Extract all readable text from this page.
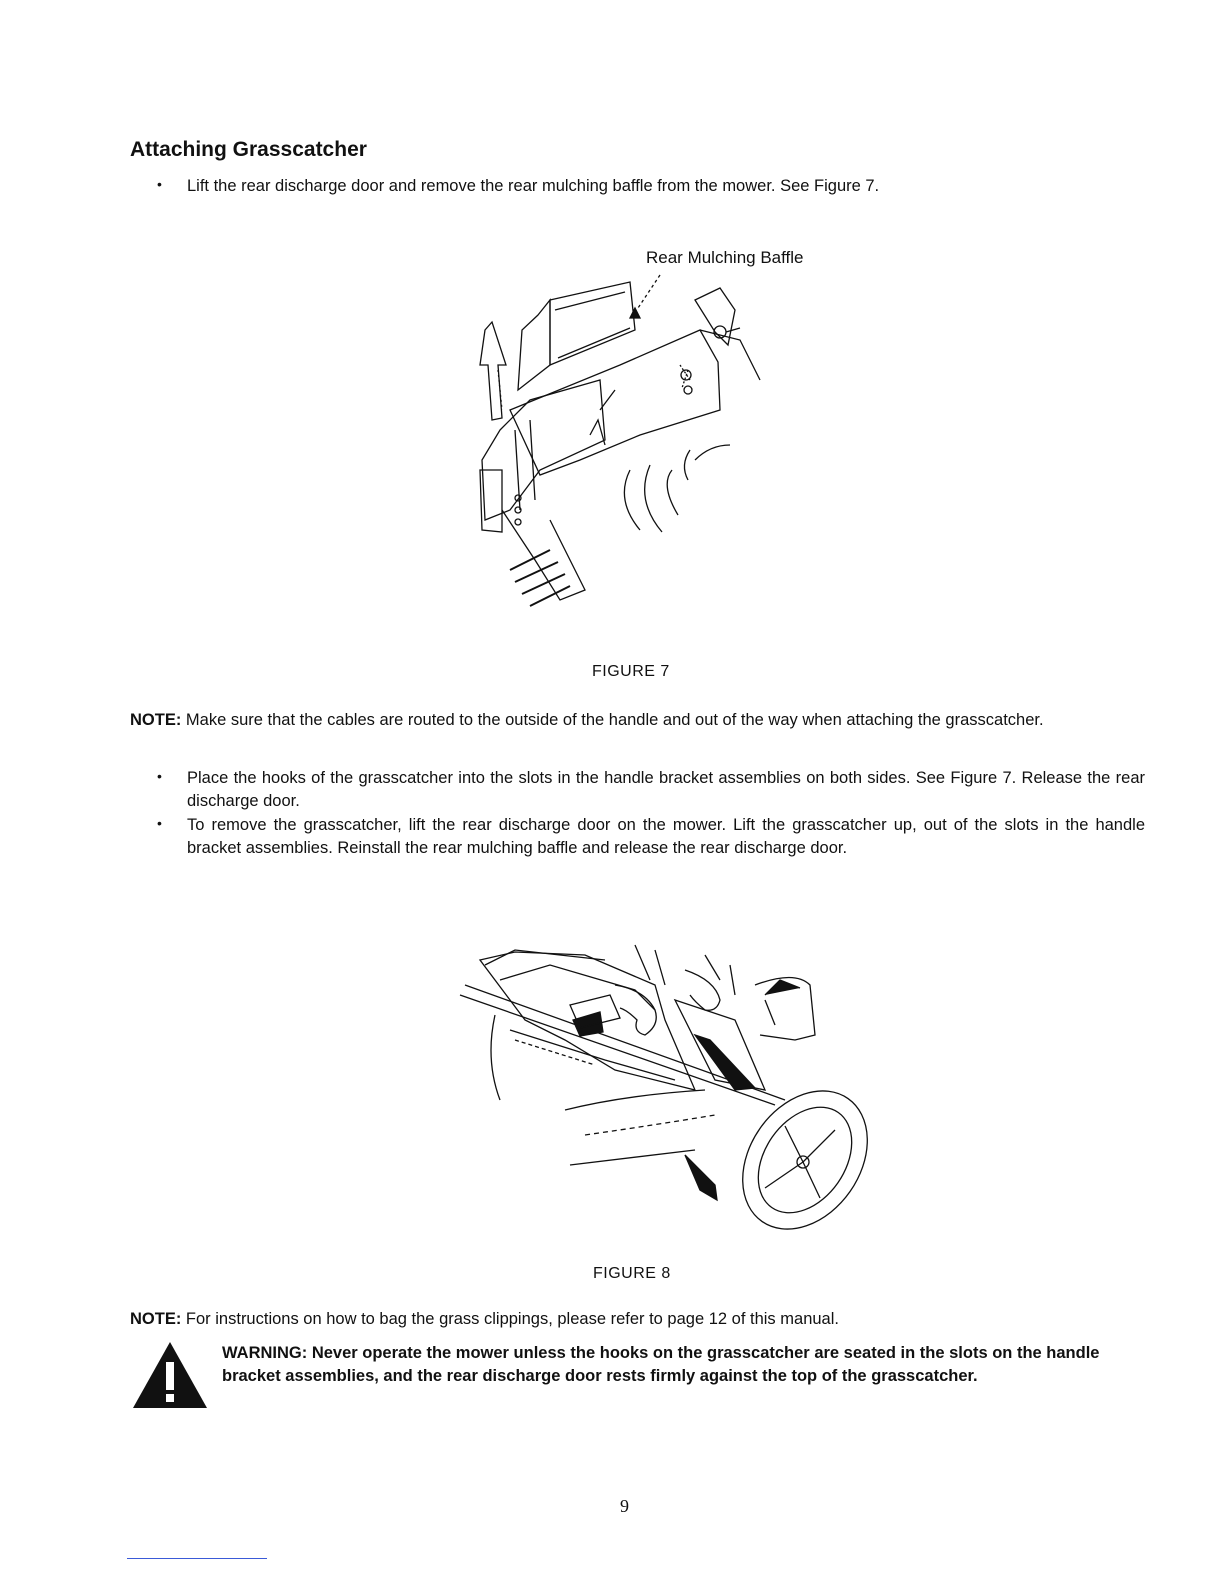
Attaching Grasscatcher
• Lift the rear discharge door and remove the rear mulching baffle from the mower. See Figure 7.
Rear Mulching Baffle
FIGURE 7
NOTE: Make sure that the cables are routed to the outside of the handle and out of the way when attaching the grasscatcher.
• Place the hooks of the grasscatcher into the slots in the handle bracket assemblies on both sides. See Figure 7. Release the rear discharge door.
• To remove the grasscatcher, lift the rear discharge door on the mower. Lift the grasscatcher up, out of the slots in the handle bracket assemblies. Reinstall the rear mulching baffle and release the rear discharge door.
FIGURE 8
NOTE: For instructions on how to bag the grass clippings, please refer to page 12 of this manual.
WARNING: Never operate the mower unless the hooks on the grasscatcher are seated in the slots on the handle bracket assemblies, and the rear discharge door rests firmly against the top of the grasscatcher.
9
